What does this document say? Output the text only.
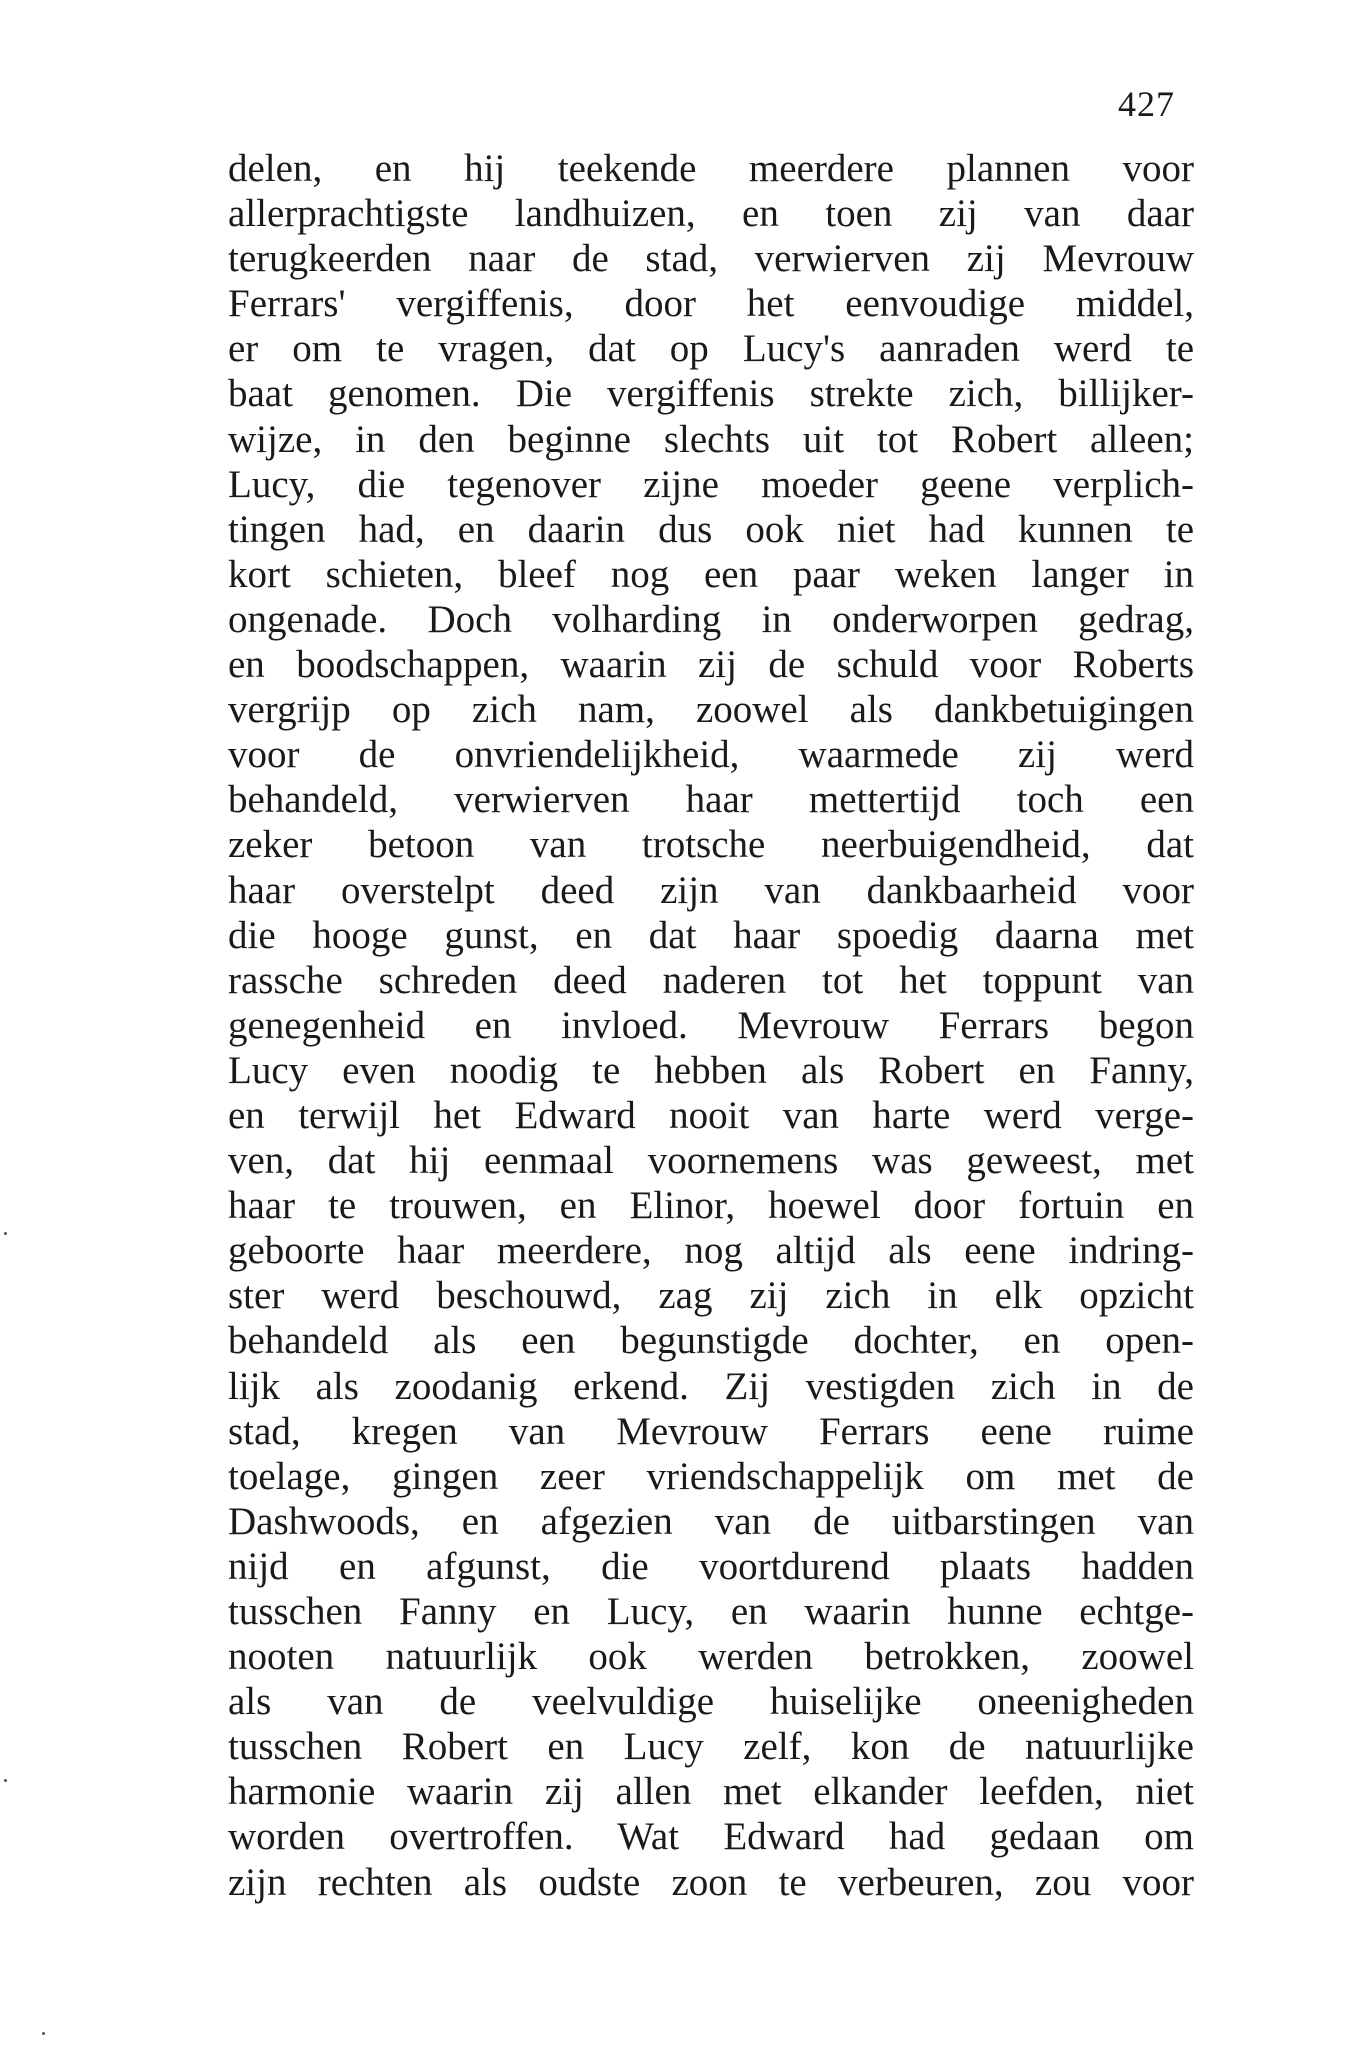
427
delen, en hij teekende meerdere plannen voor
allerprachtigste landhuizen, en toen zij van daar
terugkeerden naar de stad, verwierven zij Mevrouw
Ferrars' vergiffenis, door het eenvoudige middel,
er om te vragen, dat op Lucy's aanraden werd te
baat genomen. Die vergiffenis strekte zich, billijker-
wijze, in den beginne slechts uit tot Robert alleen;
Lucy, die tegenover zijne moeder geene verplich-
tingen had, en daarin dus ook niet had kunnen te
kort schieten, bleef nog een paar weken langer in
ongenade. Doch volharding in onderworpen gedrag,
en boodschappen, waarin zij de schuld voor Roberts
vergrijp op zich nam, zoowel als dankbetuigingen
voor de onvriendelijkheid, waarmede zij werd
behandeld, verwierven haar mettertijd toch een
zeker betoon van trotsche neerbuigendheid, dat
haar overstelpt deed zijn van dankbaarheid voor
die hooge gunst, en dat haar spoedig daarna met
rassche schreden deed naderen tot het toppunt van
genegenheid en invloed. Mevrouw Ferrars begon
Lucy even noodig te hebben als Robert en Fanny,
en terwijl het Edward nooit van harte werd verge-
ven, dat hij eenmaal voornemens was geweest, met
haar te trouwen, en Elinor, hoewel door fortuin en
geboorte haar meerdere, nog altijd als eene indring-
ster werd beschouwd, zag zij zich in elk opzicht
behandeld als een begunstigde dochter, en open-
lijk als zoodanig erkend. Zij vestigden zich in de
stad, kregen van Mevrouw Ferrars eene ruime
toelage, gingen zeer vriendschappelijk om met de
Dashwoods, en afgezien van de uitbarstingen van
nijd en afgunst, die voortdurend plaats hadden
tusschen Fanny en Lucy, en waarin hunne echtge-
nooten natuurlijk ook werden betrokken, zoowel
als van de veelvuldige huiselijke oneenigheden
tusschen Robert en Lucy zelf, kon de natuurlijke
harmonie waarin zij allen met elkander leefden, niet
worden overtroffen. Wat Edward had gedaan om
zijn rechten als oudste zoon te verbeuren, zou voor
